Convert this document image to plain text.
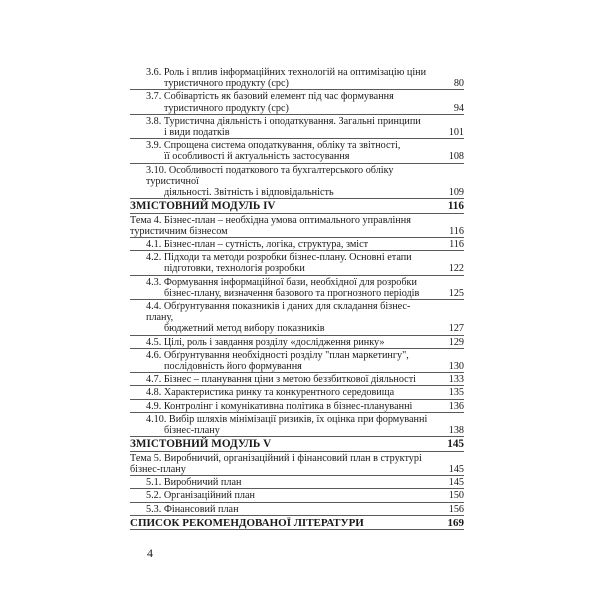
3.6. Роль і вплив інформаційних технологій на оптимізацію ціни
туристичного продукту (срс)	80
3.7. Собівартість як базовий елемент під час формування
туристичного продукту (срс)	94
3.8. Туристична діяльність і оподаткування. Загальні принципи
і види податків	101
3.9. Спрощена система оподаткування, обліку та звітності,
її особливості й актуальність застосування	108
3.10. Особливості податкового та бухгалтерського обліку туристичної
діяльності. Звітність і відповідальність	109
ЗМІСТОВНИЙ МОДУЛЬ IV	116
Тема 4. Бізнес-план – необхідна умова оптимального управління
туристичним бізнесом	116
4.1. Бізнес-план – сутність, логіка, структура, зміст	116
4.2. Підходи та методи розробки бізнес-плану. Основні етапи
підготовки, технологія розробки	122
4.3. Формування інформаційної бази, необхідної для розробки
бізнес-плану, визначення базового та прогнозного періодів	125
4.4. Обґрунтування показників і даних для складання бізнес-плану,
бюджетний метод вибору показників	127
4.5. Цілі, роль і завдання розділу «дослідження ринку»	129
4.6. Обґрунтування необхідності розділу "план маркетингу",
послідовність його формування	130
4.7. Бізнес – планування ціни з метою беззбиткової діяльності	133
4.8. Характеристика ринку та конкурентного середовища	135
4.9. Контролінг і комунікативна політика в бізнес-плануванні	136
4.10. Вибір шляхів мінімізації ризиків, їх оцінка при формуванні
бізнес-плану	138
ЗМІСТОВНИЙ МОДУЛЬ V	145
Тема 5. Виробничий, організаційний і фінансовий план в структурі
бізнес-плану	145
5.1. Виробничий план	145
5.2. Організаційний план	150
5.3. Фінансовий план	156
СПИСОК РЕКОМЕНДОВАНОЇ ЛІТЕРАТУРИ	169
4
